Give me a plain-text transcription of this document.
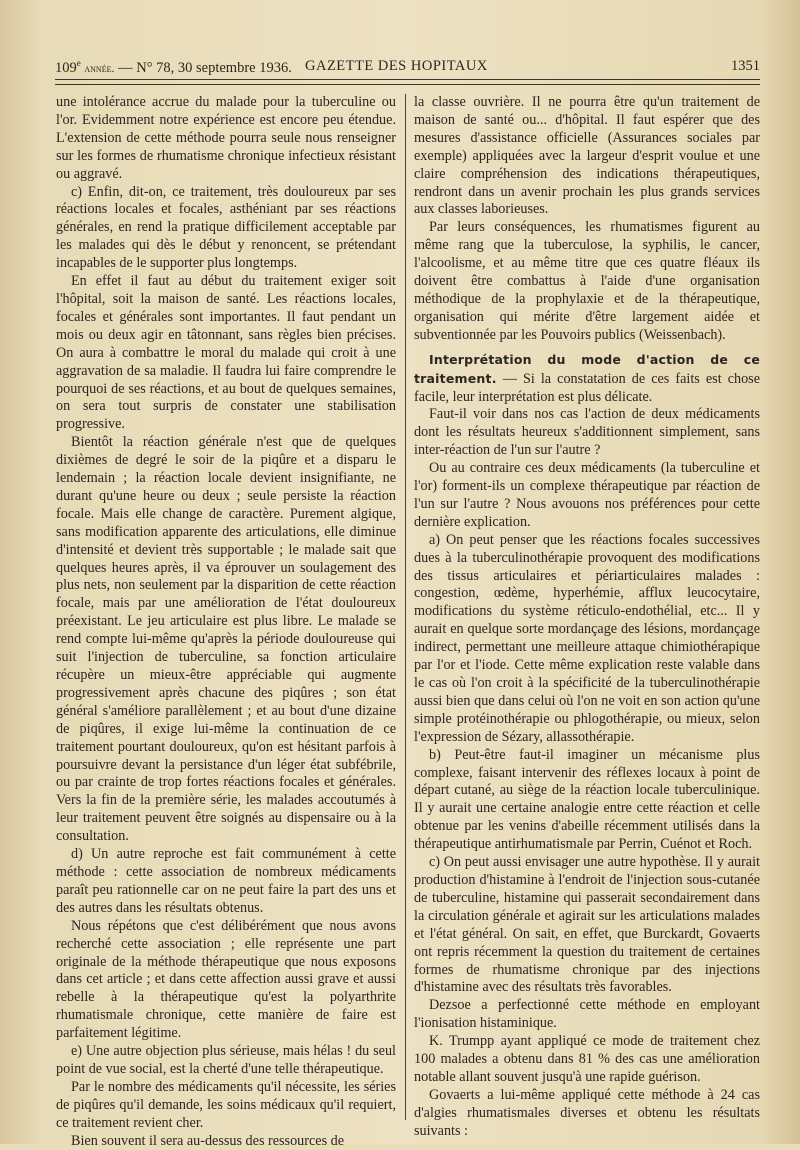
109e année. — N° 78, 30 septembre 1936. GAZETTE DES HOPITAUX	1351

une intolérance accrue du malade pour la tuberculine ou l'or. Evidemment notre expérience est encore peu étendue. L'extension de cette méthode pourra seule nous renseigner sur les formes de rhumatisme chronique infectieux résistant ou aggravé.

c) Enfin, dit-on, ce traitement, très douloureux par ses réactions locales et focales, asthéniant par ses réactions générales, en rend la pratique difficilement acceptable par les malades qui dès le début y renoncent, se prétendant incapables de le supporter plus longtemps.

En effet il faut au début du traitement exiger soit l'hôpital, soit la maison de santé. Les réactions locales, focales et générales sont importantes. Il faut pendant un mois ou deux agir en tâtonnant, sans règles bien précises. On aura à combattre le moral du malade qui croit à une aggravation de sa maladie. Il faudra lui faire comprendre le pourquoi de ses réactions, et au bout de quelques semaines, on sera tout surpris de constater une stabilisation progressive.

Bientôt la réaction générale n'est que de quelques dixièmes de degré le soir de la piqûre et a disparu le lendemain ; la réaction locale devient insignifiante, ne durant qu'une heure ou deux ; seule persiste la réaction focale. Mais elle change de caractère. Purement algique, sans modification apparente des articulations, elle diminue d'intensité et devient très supportable ; le malade sait que quelques heures après, il va éprouver un soulagement des plus nets, non seulement par la disparition de cette réaction focale, mais par une amélioration de l'état douloureux préexistant. Le jeu articulaire est plus libre. Le malade se rend compte lui-même qu'après la période douloureuse qui suit l'injection de tuberculine, sa fonction articulaire récupère un mieux-être appréciable qui augmente progressivement après chacune des piqûres ; son état général s'améliore parallèlement ; et au bout d'une dizaine de piqûres, il exige lui-même la continuation de ce traitement pourtant douloureux, qu'on est hésitant parfois à poursuivre devant la persistance d'un léger état subfébrile, ou par crainte de trop fortes réactions focales et générales. Vers la fin de la première série, les malades accoutumés à leur traitement peuvent être soignés au dispensaire ou à la consultation.

d) Un autre reproche est fait communément à cette méthode : cette association de nombreux médicaments paraît peu rationnelle car on ne peut faire la part des uns et des autres dans les résultats obtenus.

Nous répétons que c'est délibérément que nous avons recherché cette association ; elle représente une part originale de la méthode thérapeutique que nous exposons dans cet article ; et dans cette affection aussi grave et aussi rebelle à la thérapeutique qu'est la polyarthrite rhumatismale chronique, cette manière de faire est parfaitement légitime.

e) Une autre objection plus sérieuse, mais hélas ! du seul point de vue social, est la cherté d'une telle thérapeutique.

Par le nombre des médicaments qu'il nécessite, les séries de piqûres qu'il demande, les soins médicaux qu'il requiert, ce traitement revient cher.

Bien souvent il sera au-dessus des ressources de

la classe ouvrière. Il ne pourra être qu'un traitement de maison de santé ou... d'hôpital. Il faut espérer que des mesures d'assistance officielle (Assurances sociales par exemple) appliquées avec la largeur d'esprit voulue et une claire compréhension des indications thérapeutiques, rendront dans un avenir prochain les plus grands services aux classes laborieuses.

Par leurs conséquences, les rhumatismes figurent au même rang que la tuberculose, la syphilis, le cancer, l'alcoolisme, et au même titre que ces quatre fléaux ils doivent être combattus à l'aide d'une organisation méthodique de la prophylaxie et de la thérapeutique, organisation qui mérite d'être largement aidée et subventionnée par les Pouvoirs publics (Weissenbach).

Interprétation du mode d'action de ce traitement. — Si la constatation de ces faits est chose facile, leur interprétation est plus délicate.

Faut-il voir dans nos cas l'action de deux médicaments dont les résultats heureux s'additionnent simplement, sans inter-réaction de l'un sur l'autre ?

Ou au contraire ces deux médicaments (la tuberculine et l'or) forment-ils un complexe thérapeutique par réaction de l'un sur l'autre ? Nous avouons nos préférences pour cette dernière explication.

a) On peut penser que les réactions focales successives dues à la tuberculinothérapie provoquent des modifications des tissus articulaires et périarticulaires malades : congestion, œdème, hyperhémie, afflux leucocytaire, modifications du système réticulo-endothélial, etc... Il y aurait en quelque sorte mordançage des lésions, mordançage indirect, permettant une meilleure attaque chimiothérapique par l'or et l'iode. Cette même explication reste valable dans le cas où l'on croit à la spécificité de la tuberculinothérapie aussi bien que dans celui où l'on ne voit en son action qu'une simple protéinothérapie ou phlogothérapie, ou mieux, selon l'expression de Sézary, allassothérapie.

b) Peut-être faut-il imaginer un mécanisme plus complexe, faisant intervenir des réflexes locaux à point de départ cutané, au siège de la réaction locale tuberculinique. Il y aurait une certaine analogie entre cette réaction et celle obtenue par les venins d'abeille récemment utilisés dans la thérapeutique antirhumatismale par Perrin, Cuénot et Roch.

c) On peut aussi envisager une autre hypothèse. Il y aurait production d'histamine à l'endroit de l'injection sous-cutanée de tuberculine, histamine qui passerait secondairement dans la circulation générale et agirait sur les articulations malades et l'état général. On sait, en effet, que Burckardt, Govaerts ont repris récemment la question du traitement de certaines formes de rhumatisme chronique par des injections d'histamine avec des résultats très favorables.

Dezsoe a perfectionné cette méthode en employant l'ionisation histaminique.

K. Trumpp ayant appliqué ce mode de traitement chez 100 malades a obtenu dans 81 % des cas une amélioration notable allant souvent jusqu'à une rapide guérison.

Govaerts a lui-même appliqué cette méthode à 24 cas d'algies rhumatismales diverses et obtenu les résultats suivants :
